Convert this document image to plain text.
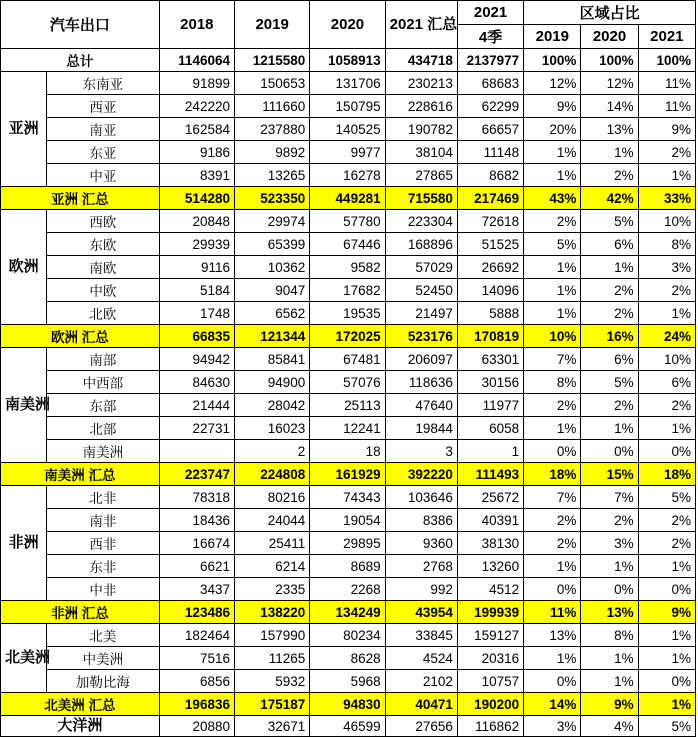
汽车出口		2018	2019	2020	2021 汇总	2021	区域占比		
						4季	2019	2020	2021
总计		1146064	1215580	1058913	434718	2137977	100%	100%	100%
亚洲	东南亚	91899	150653	131706	230213	68683	12%	12%	11%
	西亚	242220	111660	150795	228616	62299	9%	14%	11%
	南亚	162584	237880	140525	190782	66657	20%	13%	9%
	东亚	9186	9892	9977	38104	11148	1%	1%	2%
	中亚	8391	13265	16278	27865	8682	1%	2%	1%
亚洲 汇总		514280	523350	449281	715580	217469	43%	42%	33%
欧洲	西欧	20848	29974	57780	223304	72618	2%	5%	10%
	东欧	29939	65399	67446	168896	51525	5%	6%	8%
	南欧	9116	10362	9582	57029	26692	1%	1%	3%
	中欧	5184	9047	17682	52450	14096	1%	2%	2%
	北欧	1748	6562	19535	21497	5888	1%	2%	1%
欧洲 汇总		66835	121344	172025	523176	170819	10%	16%	24%
南美洲	南部	94942	85841	67481	206097	63301	7%	6%	10%
	中西部	84630	94900	57076	118636	30156	8%	5%	6%
	东部	21444	28042	25113	47640	11977	2%	2%	2%
	北部	22731	16023	12241	19844	6058	1%	1%	1%
	南美洲		2	18	3	1	0%	0%	0%
南美洲 汇总		223747	224808	161929	392220	111493	18%	15%	18%
非洲	北非	78318	80216	74343	103646	25672	7%	7%	5%
	南非	18436	24044	19054	8386	40391	2%	2%	2%
	西非	16674	25411	29895	9360	38130	2%	3%	2%
	东非	6621	6214	8689	2768	13260	1%	1%	1%
	中非	3437	2335	2268	992	4512	0%	0%	0%
非洲 汇总		123486	138220	134249	43954	199939	11%	13%	9%
北美洲	北美	182464	157990	80234	33845	159127	13%	8%	1%
	中美洲	7516	11265	8628	4524	20316	1%	1%	1%
	加勒比海	6856	5932	5968	2102	10757	0%	1%	0%
北美洲 汇总		196836	175187	94830	40471	190200	14%	9%	1%
大洋洲		20880	32671	46599	27656	116862	3%	4%	5%
